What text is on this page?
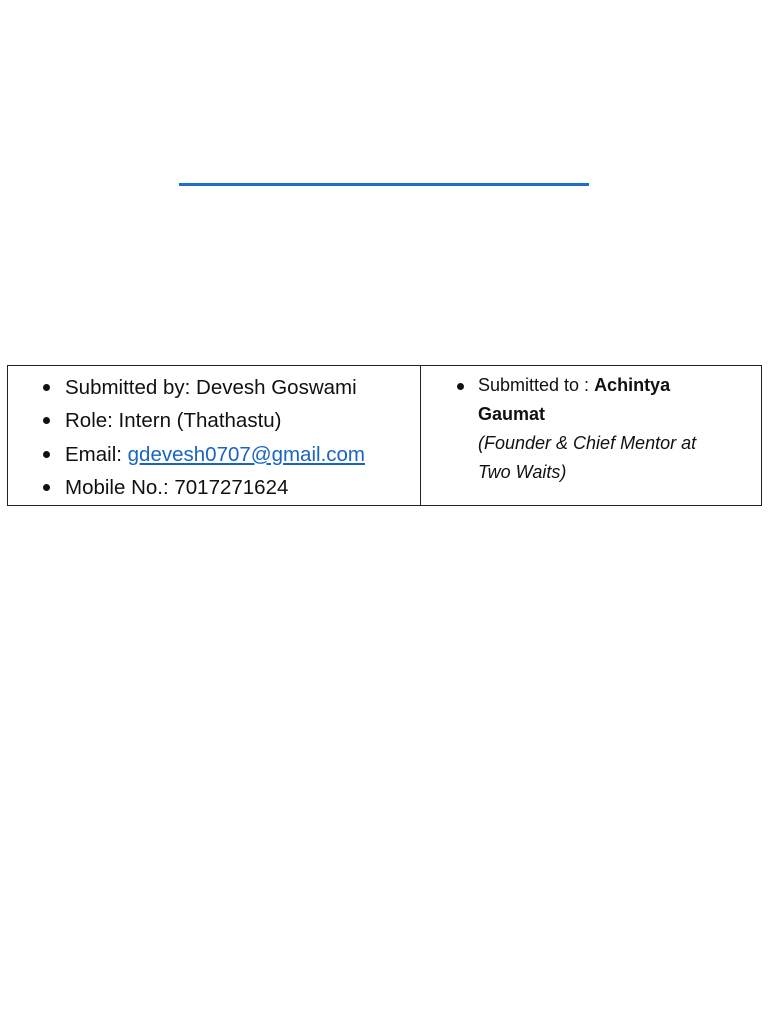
Submitted by: Devesh Goswami
Role: Intern (Thathastu)
Email: gdevesh0707@gmail.com
Mobile No.: 7017271624
Submitted to : Achintya
Gaumat
(Founder & Chief Mentor at
Two Waits)
